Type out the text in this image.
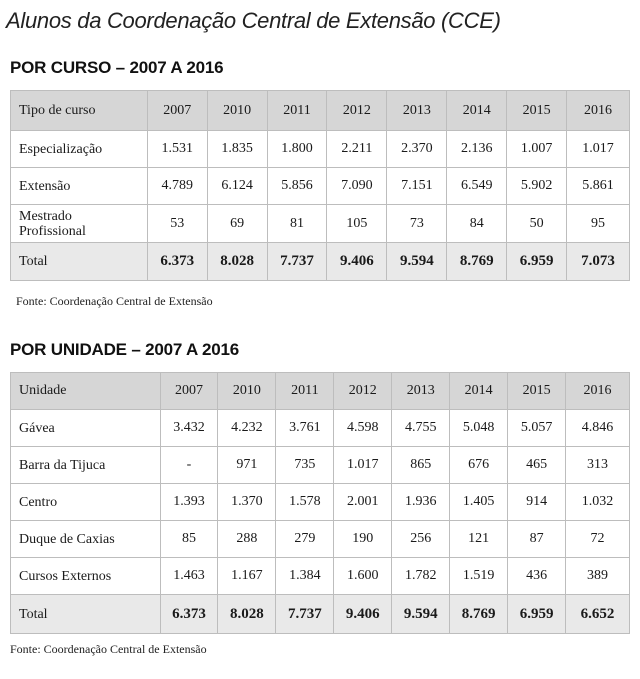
Alunos da Coordenação Central de Extensão (CCE)
POR CURSO – 2007 A 2016
Tipo de curso	2007	2010	2011	2012	2013	2014	2015	2016
Especialização	1.531	1.835	1.800	2.211	2.370	2.136	1.007	1.017
Extensão	4.789	6.124	5.856	7.090	7.151	6.549	5.902	5.861
Mestrado Profissional	53	69	81	105	73	84	50	95
Total	6.373	8.028	7.737	9.406	9.594	8.769	6.959	7.073
Fonte: Coordenação Central de Extensão
POR UNIDADE – 2007 A 2016
Unidade	2007	2010	2011	2012	2013	2014	2015	2016
Gávea	3.432	4.232	3.761	4.598	4.755	5.048	5.057	4.846
Barra da Tijuca	-	971	735	1.017	865	676	465	313
Centro	1.393	1.370	1.578	2.001	1.936	1.405	914	1.032
Duque de Caxias	85	288	279	190	256	121	87	72
Cursos Externos	1.463	1.167	1.384	1.600	1.782	1.519	436	389
Total	6.373	8.028	7.737	9.406	9.594	8.769	6.959	6.652
Fonte: Coordenação Central de Extensão
